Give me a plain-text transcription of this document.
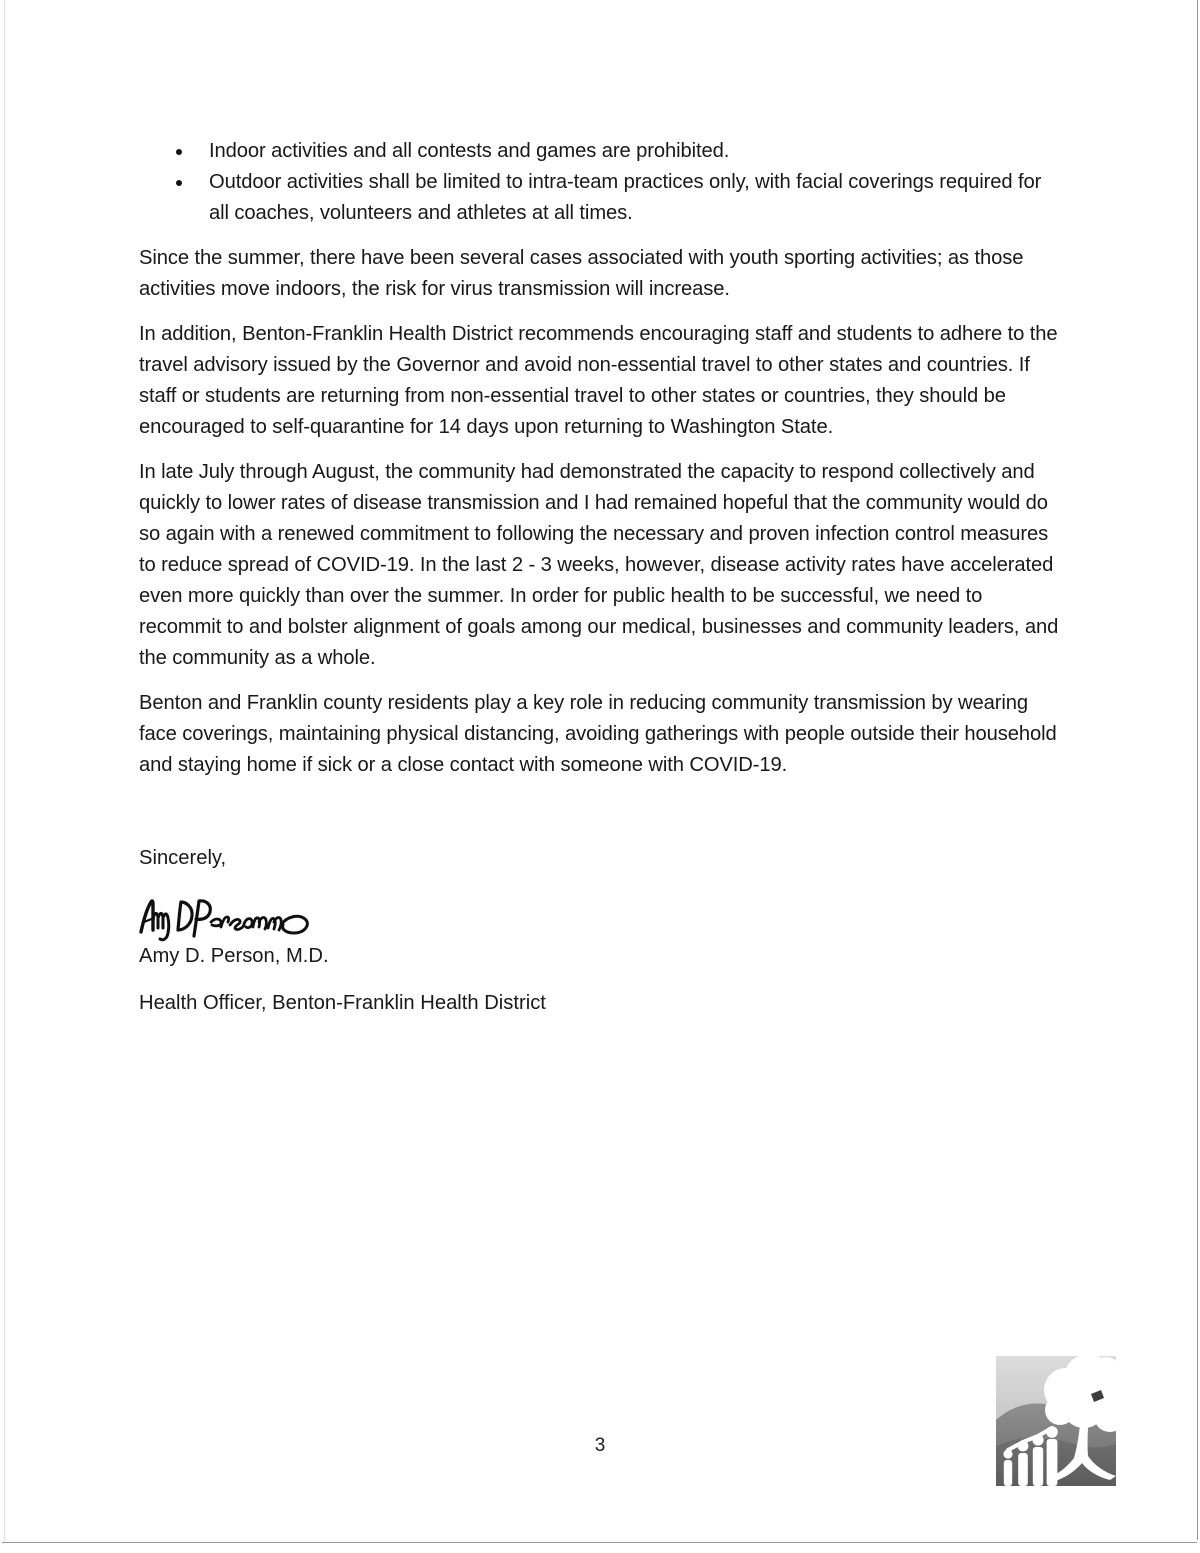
Indoor activities and all contests and games are prohibited.
Outdoor activities shall be limited to intra-team practices only, with facial coverings required for all coaches, volunteers and athletes at all times.

Since the summer, there have been several cases associated with youth sporting activities; as those activities move indoors, the risk for virus transmission will increase.

In addition, Benton-Franklin Health District recommends encouraging staff and students to adhere to the travel advisory issued by the Governor and avoid non-essential travel to other states and countries. If staff or students are returning from non-essential travel to other states or countries, they should be encouraged to self-quarantine for 14 days upon returning to Washington State.

In late July through August, the community had demonstrated the capacity to respond collectively and quickly to lower rates of disease transmission and I had remained hopeful that the community would do so again with a renewed commitment to following the necessary and proven infection control measures to reduce spread of COVID-19. In the last 2 - 3 weeks, however, disease activity rates have accelerated even more quickly than over the summer. In order for public health to be successful, we need to recommit to and bolster alignment of goals among our medical, businesses and community leaders, and the community as a whole.

Benton and Franklin county residents play a key role in reducing community transmission by wearing face coverings, maintaining physical distancing, avoiding gatherings with people outside their household and staying home if sick or a close contact with someone with COVID-19.

Sincerely,

Amy D. Person, M.D.

Health Officer, Benton-Franklin Health District

3
